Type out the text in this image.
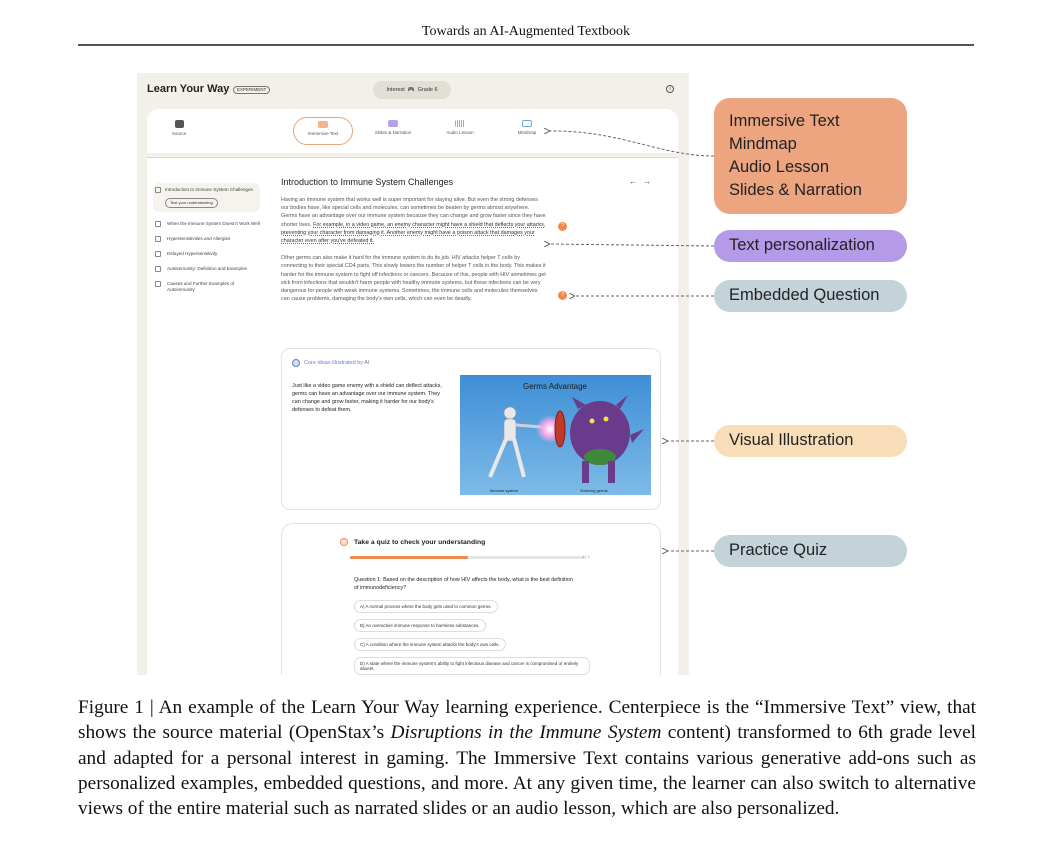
Towards an AI-Augmented Textbook
Learn Your Way	EXPERIMENT	Interest 🎮 Grade 6	i
Source	Immersive Text	Slides & Narration	Audio Lesson	Mindmap
Introduction to Immune System Challenges
Test your understanding
When the Immune System Doesn't Work Well
Hypersensitivities and Allergies
Delayed Hypersensitivity
Autoimmunity: Definition and Examples
Causes and Further Examples of Autoimmunity
Introduction to Immune System Challenges	←→

Having an immune system that works well is super important for staying alive. But even the strong defenses our bodies have, like special cells and molecules, can sometimes be beaten by germs almost anywhere. Germs have an advantage over our immune system because they can change and grow faster since they have shorter lives. For example, in a video game, an enemy character might have a shield that deflects your attacks, preventing your character from damaging it. Another enemy might have a poison attack that damages your character even after you've defeated it.

Other germs can also make it hard for the immune system to do its job. HIV attacks helper T cells by connecting to their special CD4 parts. This slowly lowers the number of helper T cells in the body. This makes it harder for the immune system to fight off infections or cancers. Because of this, people with HIV sometimes get sick from infections that wouldn't harm people with healthy immune systems, but these infections can be very dangerous for people with weak immune systems. Sometimes, the immune cells and molecules themselves can cause problems, damaging the body's own cells, which can even be deadly.

?
?
Core ideas illustrated by AI
Just like a video game enemy with a shield can deflect attacks, germs can have an advantage over our immune system. They can change and grow faster, making it harder for our body's defenses to defeat them.
Germs Advantage
Immune system	Evolving germs
Take a quiz to check your understanding
1 / 2
Question 1: Based on the description of how HIV affects the body, what is the best definition of immunodeficiency?
A) A normal process where the body gets used to common germs.
B) An overactive immune response to harmless substances.
C) A condition where the immune system attacks the body's own cells.
D) A state where the immune system's ability to fight infectious disease and cancer is compromised or entirely absent.
Immersive Text
Mindmap
Audio Lesson
Slides & Narration
Text personalization
Embedded Question
Visual Illustration
Practice Quiz
Figure 1 | An example of the Learn Your Way learning experience. Centerpiece is the “Immersive Text” view, that shows the source material (OpenStax’s Disruptions in the Immune System content) transformed to 6th grade level and adapted for a personal interest in gaming. The Immersive Text contains various generative add-ons such as personalized examples, embedded questions, and more. At any given time, the learner can also switch to alternative views of the entire material such as narrated slides or an audio lesson, which are also personalized.
